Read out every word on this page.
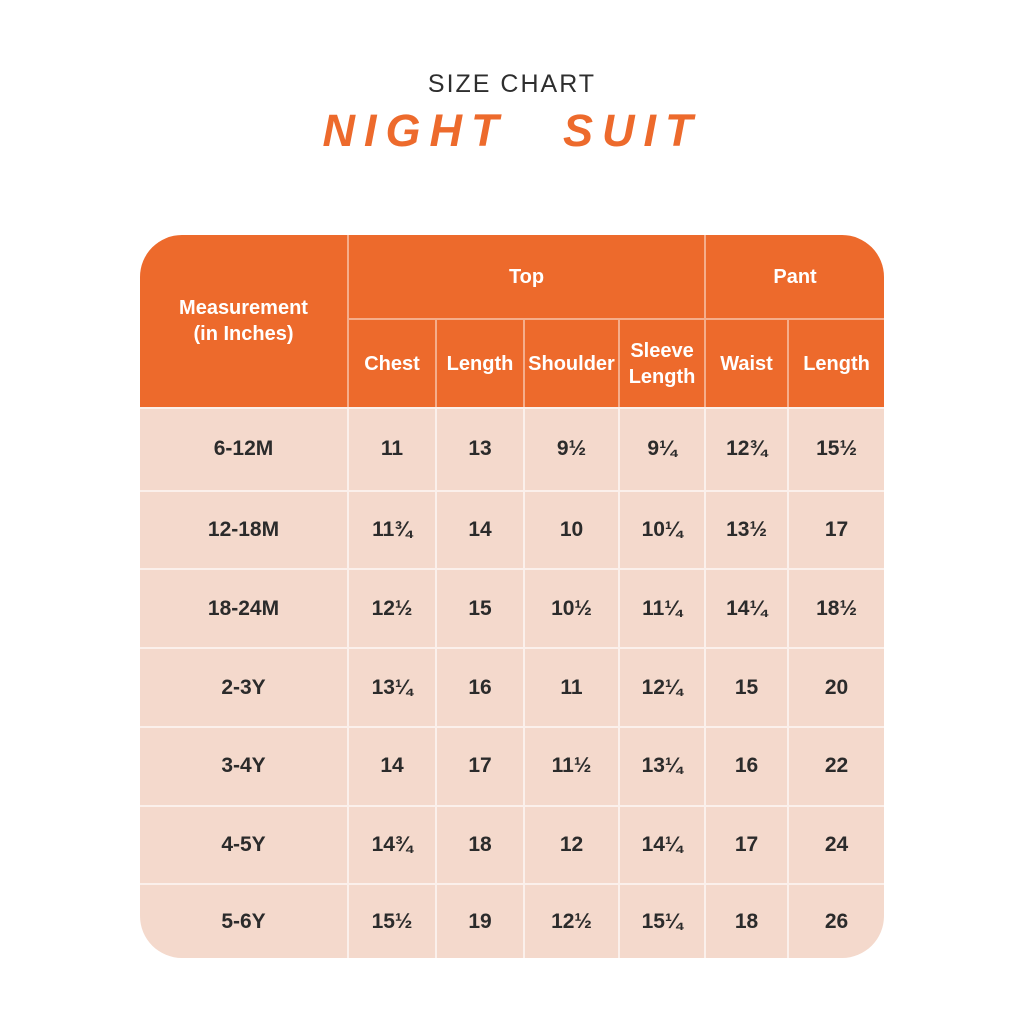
SIZE CHART
NIGHT SUIT
Measurement (in Inches)	Top				Pant	
	Chest	Length	Shoulder	Sleeve Length	Waist	Length
6-12M	11	13	9½	9¼	12¾	15½
12-18M	11¾	14	10	10¼	13½	17
18-24M	12½	15	10½	11¼	14¼	18½
2-3Y	13¼	16	11	12¼	15	20
3-4Y	14	17	11½	13¼	16	22
4-5Y	14¾	18	12	14¼	17	24
5-6Y	15½	19	12½	15¼	18	26
